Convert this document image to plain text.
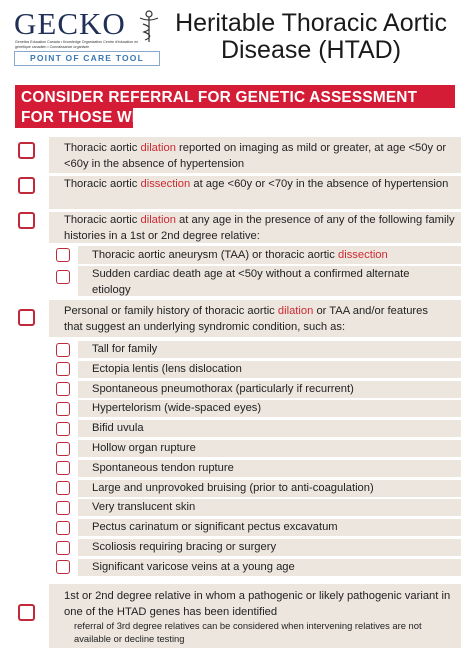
GECKO
Genetics Education Canada • Knowledge Organization Centre d'éducation en génétique canadien • Connaissance organisée
POINT OF CARE TOOL
Heritable Thoracic Aortic Disease (HTAD)
CONSIDER REFERRAL FOR GENETIC ASSESSMENT FOR THOSE WITH:
Thoracic aortic dilation reported on imaging as mild or greater, at age <50y or <60y in the absence of hypertension
Thoracic aortic dissection at age <60y or <70y in the absence of hypertension
Thoracic aortic dilation at any age in the presence of any of the following family histories in a 1st or 2nd degree relative:
Thoracic aortic aneurysm (TAA) or thoracic aortic dissection
Sudden cardiac death age at <50y without a confirmed alternate etiology
Personal or family history of thoracic aortic dilation or TAA and/or features that suggest an underlying syndromic condition, such as:
Tall for family
Ectopia lentis (lens dislocation
Spontaneous pneumothorax (particularly if recurrent)
Hypertelorism (wide-spaced eyes)
Bifid uvula
Hollow organ rupture
Spontaneous tendon rupture
Large and unprovoked bruising (prior to anti-coagulation)
Very translucent skin
Pectus carinatum or significant pectus excavatum
Scoliosis requiring bracing or surgery
Significant varicose veins at a young age
1st or 2nd degree relative in whom a pathogenic or likely pathogenic variant in one of the HTAD genes has been identified
referral of 3rd degree relatives can be considered when intervening relatives are not available or decline testing
